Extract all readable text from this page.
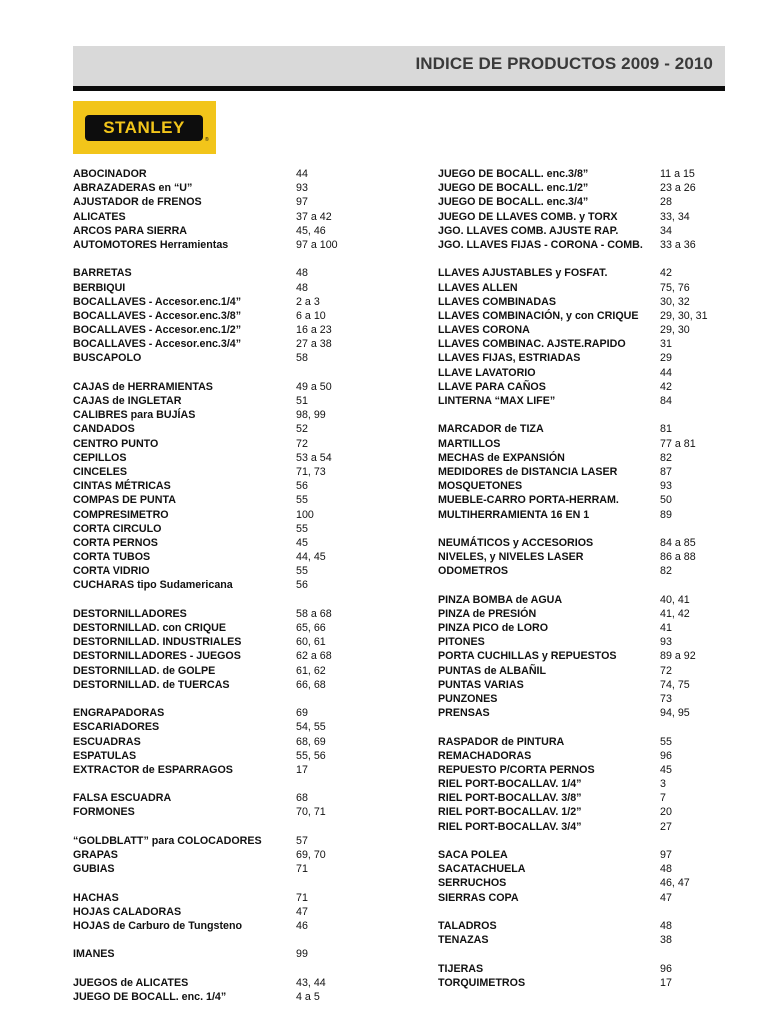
INDICE DE PRODUCTOS 2009 - 2010
STANLEY
®
ABOCINADOR	44
ABRAZADERAS en “U”	93
AJUSTADOR de FRENOS	97
ALICATES	37 a 42
ARCOS PARA SIERRA	45, 46
AUTOMOTORES Herramientas	97 a 100
BARRETAS	48
BERBIQUI	48
BOCALLAVES - Accesor.enc.1/4”	2 a 3
BOCALLAVES - Accesor.enc.3/8”	6 a 10
BOCALLAVES - Accesor.enc.1/2”	16 a 23
BOCALLAVES - Accesor.enc.3/4”	27 a 38
BUSCAPOLO	58
CAJAS de HERRAMIENTAS	49 a 50
CAJAS de INGLETAR	51
CALIBRES para BUJÍAS	98, 99
CANDADOS	52
CENTRO PUNTO	72
CEPILLOS	53 a 54
CINCELES	71, 73
CINTAS MÉTRICAS	56
COMPAS DE PUNTA	55
COMPRESIMETRO	100
CORTA CIRCULO	55
CORTA PERNOS	45
CORTA TUBOS	44, 45
CORTA VIDRIO	55
CUCHARAS tipo Sudamericana	56
DESTORNILLADORES	58 a 68
DESTORNILLAD. con CRIQUE	65, 66
DESTORNILLAD. INDUSTRIALES	60, 61
DESTORNILLADORES - JUEGOS	62 a 68
DESTORNILLAD. de GOLPE	61, 62
DESTORNILLAD. de TUERCAS	66, 68
ENGRAPADORAS	69
ESCARIADORES	54, 55
ESCUADRAS	68, 69
ESPATULAS	55, 56
EXTRACTOR de ESPARRAGOS	17
FALSA ESCUADRA	68
FORMONES	70, 71
“GOLDBLATT” para COLOCADORES	57
GRAPAS	69, 70
GUBIAS	71
HACHAS	71
HOJAS CALADORAS	47
HOJAS de Carburo de Tungsteno	46
IMANES	99
JUEGOS de ALICATES	43, 44
JUEGO DE BOCALL. enc. 1/4”	4 a 5
JUEGO DE BOCALL. enc.3/8”	11 a 15
JUEGO DE BOCALL. enc.1/2”	23 a 26
JUEGO DE BOCALL. enc.3/4”	28
JUEGO DE LLAVES COMB. y TORX	33, 34
JGO. LLAVES COMB. AJUSTE RAP.	34
JGO. LLAVES FIJAS - CORONA - COMB. 33 a 36
LLAVES AJUSTABLES y FOSFAT.	42
LLAVES ALLEN	75, 76
LLAVES COMBINADAS	30, 32
LLAVES COMBINACIÓN, y con CRIQUE 29, 30, 31
LLAVES CORONA	29, 30
LLAVES COMBINAC. AJSTE.RAPIDO	31
LLAVES FIJAS, ESTRIADAS	29
LLAVE LAVATORIO	44
LLAVE PARA CAÑOS	42
LINTERNA “MAX LIFE”	84
MARCADOR de TIZA	81
MARTILLOS	77 a 81
MECHAS de EXPANSIÓN	82
MEDIDORES de DISTANCIA LASER	87
MOSQUETONES	93
MUEBLE-CARRO PORTA-HERRAM.	50
MULTIHERRAMIENTA 16 EN 1	89
NEUMÁTICOS y ACCESORIOS	84 a 85
NIVELES, y NIVELES LASER	86 a 88
ODOMETROS	82
PINZA BOMBA de AGUA	40, 41
PINZA de PRESIÓN	41, 42
PINZA PICO de LORO	41
PITONES	93
PORTA CUCHILLAS y REPUESTOS	89 a 92
PUNTAS de ALBAÑIL	72
PUNTAS VARIAS	74, 75
PUNZONES	73
PRENSAS	94, 95
RASPADOR de PINTURA	55
REMACHADORAS	96
REPUESTO P/CORTA PERNOS	45
RIEL PORT-BOCALLAV. 1/4”	3
RIEL PORT-BOCALLAV. 3/8”	7
RIEL PORT-BOCALLAV. 1/2”	20
RIEL PORT-BOCALLAV. 3/4”	27
SACA POLEA	97
SACATACHUELA	48
SERRUCHOS	46, 47
SIERRAS COPA	47
TALADROS	48
TENAZAS	38
TIJERAS	96
TORQUIMETROS	17
